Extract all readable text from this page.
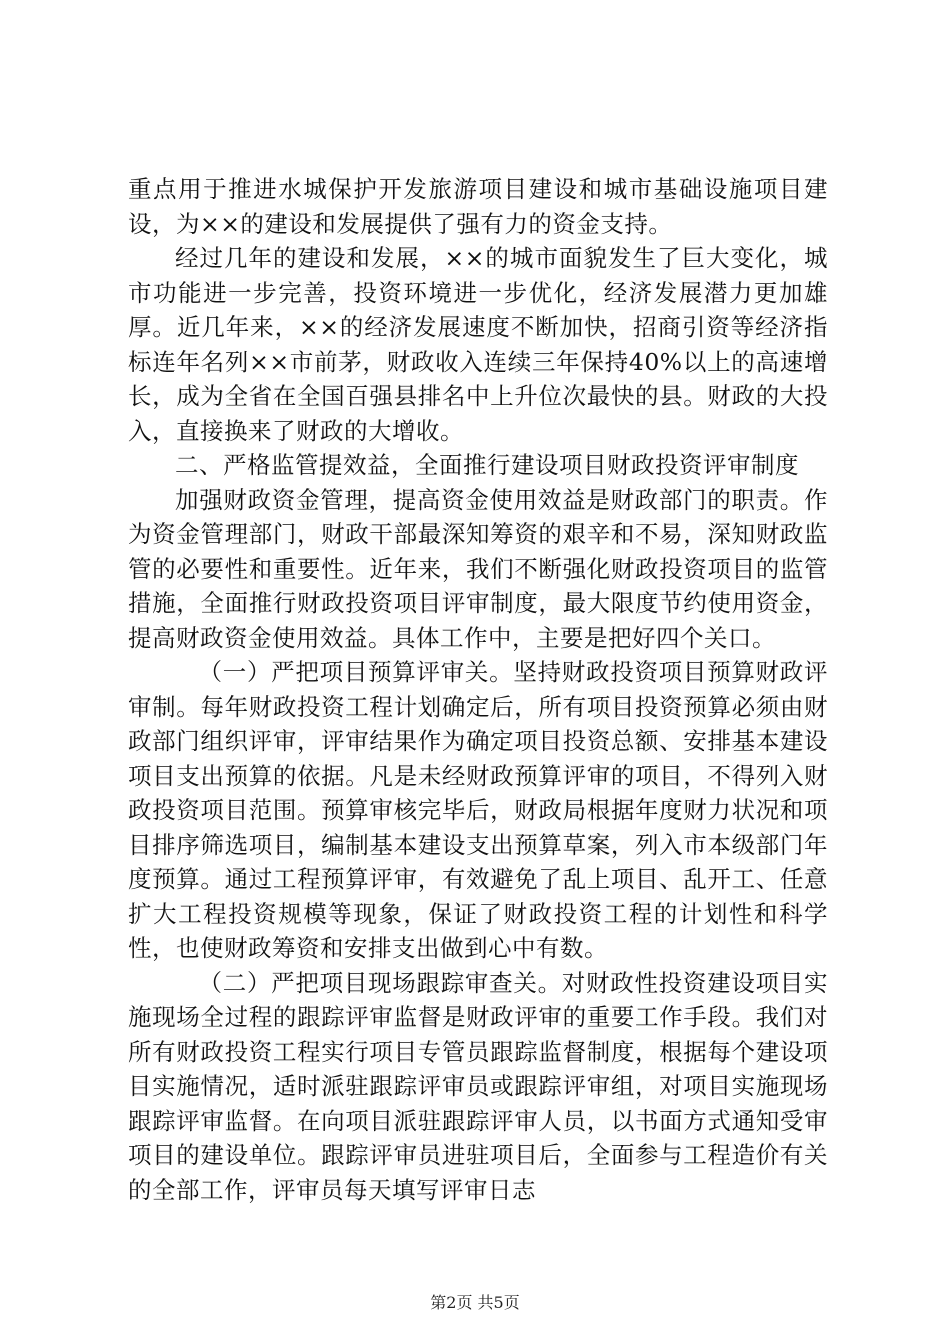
重点用于推进水城保护开发旅游项目建设和城市基础设施项目建设，为××的建设和发展提供了强有力的资金支持。

经过几年的建设和发展，××的城市面貌发生了巨大变化，城市功能进一步完善，投资环境进一步优化，经济发展潜力更加雄厚。近几年来，××的经济发展速度不断加快，招商引资等经济指标连年名列××市前茅，财政收入连续三年保持40%以上的高速增长，成为全省在全国百强县排名中上升位次最快的县。财政的大投入，直接换来了财政的大增收。

二、严格监管提效益，全面推行建设项目财政投资评审制度

加强财政资金管理，提高资金使用效益是财政部门的职责。作为资金管理部门，财政干部最深知筹资的艰辛和不易，深知财政监管的必要性和重要性。近年来，我们不断强化财政投资项目的监管措施，全面推行财政投资项目评审制度，最大限度节约使用资金，提高财政资金使用效益。具体工作中，主要是把好四个关口。

（一）严把项目预算评审关。坚持财政投资项目预算财政评审制。每年财政投资工程计划确定后，所有项目投资预算必须由财政部门组织评审，评审结果作为确定项目投资总额、安排基本建设项目支出预算的依据。凡是未经财政预算评审的项目，不得列入财政投资项目范围。预算审核完毕后，财政局根据年度财力状况和项目排序筛选项目，编制基本建设支出预算草案，列入市本级部门年度预算。通过工程预算评审，有效避免了乱上项目、乱开工、任意扩大工程投资规模等现象，保证了财政投资工程的计划性和科学性，也使财政筹资和安排支出做到心中有数。

（二）严把项目现场跟踪审查关。对财政性投资建设项目实施现场全过程的跟踪评审监督是财政评审的重要工作手段。我们对所有财政投资工程实行项目专管员跟踪监督制度，根据每个建设项目实施情况，适时派驻跟踪评审员或跟踪评审组，对项目实施现场跟踪评审监督。在向项目派驻跟踪评审人员，以书面方式通知受审项目的建设单位。跟踪评审员进驻项目后，全面参与工程造价有关的全部工作，评审员每天填写评审日志

第2页 共5页
